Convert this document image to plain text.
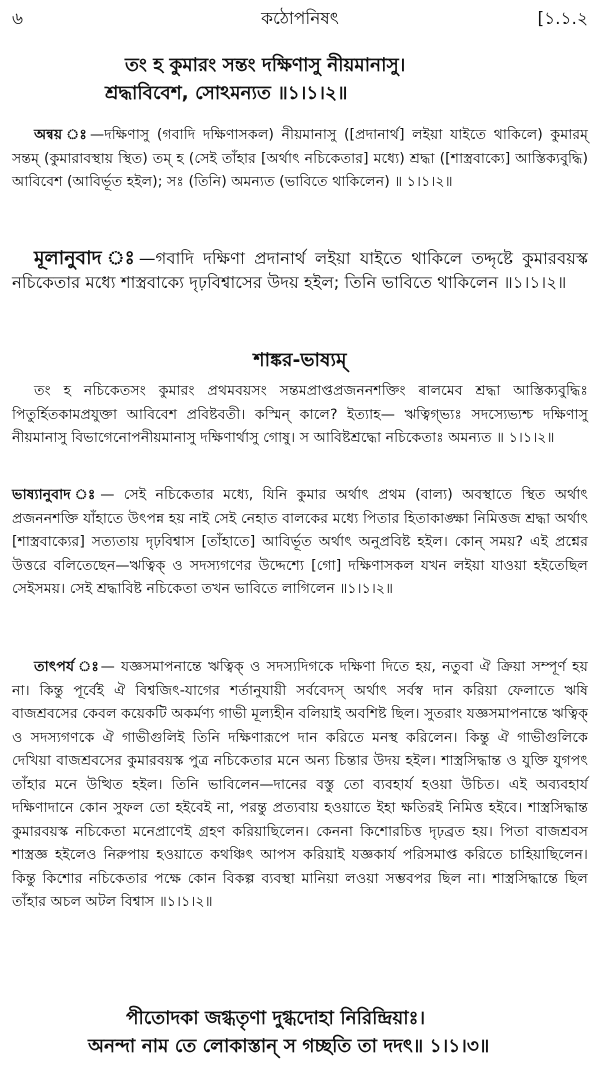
৬	কঠোপনিষৎ	[১.১.২
তং হ কুমারং সন্তং দক্ষিণাসু নীয়মানাসু।
শ্রদ্ধাবিবেশ, সোঽমন্যত ॥১।১।২॥
অন্বয় ঃ—দক্ষিণাসু (গবাদি দক্ষিণাসকল) নীয়মানাসু ([প্রদানার্থ] লইয়া যাইতে থাকিলে) কুমারম্ সন্তম্ (কুমারাবস্থায় স্থিত) তম্ হ (সেই তাঁহার [অর্থাৎ নচিকেতার] মধ্যে) শ্রদ্ধা ([শাস্ত্রবাক্যে] আস্তিক্যবুদ্ধি) আবিবেশ (আবির্ভূত হইল); সঃ (তিনি) অমন্যত (ভাবিতে থাকিলেন) ॥ ১।১।২॥
মূলানুবাদ ঃ—গবাদি দক্ষিণা প্রদানার্থ লইয়া যাইতে থাকিলে তদ্দৃষ্টে কুমারবয়স্ক নচিকেতার মধ্যে শাস্ত্রবাক্যে দৃঢ়বিশ্বাসের উদয় হইল; তিনি ভাবিতে থাকিলেন ॥১।১।২॥
শাঙ্কর-ভাষ্যম্
তং হ নচিকেতসং কুমারং প্রথমবয়সং সন্তমপ্রাপ্তপ্রজননশক্তিং ৰালমেব শ্রদ্ধা আস্তিক্যবুদ্ধিঃ পিতুর্হিতকামপ্রযুক্তা আবিবেশ প্রবিষ্টবতী। কস্মিন্ কালে? ইত্যাহ— ঋত্বিগ্‌ভ্যঃ সদস্যেভ্যশ্চ দক্ষিণাসু নীয়মানাসু বিভাগেনোপনীয়মানাসু দক্ষিণার্থাসু গোষু। স আবিষ্টশ্রদ্ধো নচিকেতাঃ অমন্যত ॥ ১।১।২॥
ভাষ্যানুবাদ ঃ— সেই নচিকেতার মধ্যে, যিনি কুমার অর্থাৎ প্রথম (বাল্য) অবস্থাতে স্থিত অর্থাৎ প্রজননশক্তি যাঁহাতে উৎপন্ন হয় নাই সেই নেহাত বালকের মধ্যে পিতার হিতাকাঙ্ক্ষা নিমিত্তজ শ্রদ্ধা অর্থাৎ [শাস্ত্রবাক্যের] সত্যতায় দৃঢ়বিশ্বাস [তাঁহাতে] আবির্ভূত অর্থাৎ অনুপ্রবিষ্ট হইল। কোন্ সময়? এই প্রশ্নের উত্তরে বলিতেছেন—ঋত্বিক্ ও সদস্যগণের উদ্দেশ্যে [গো] দক্ষিণাসকল যখন লইয়া যাওয়া হইতেছিল সেইসময়। সেই শ্রদ্ধাবিষ্ট নচিকেতা তখন ভাবিতে লাগিলেন ॥১।১।২॥
তাৎপর্য ঃ— যজ্ঞসমাপনান্তে ঋত্বিক্ ও সদস্যদিগকে দক্ষিণা দিতে হয়, নতুবা ঐ ক্রিয়া সম্পূর্ণ হয় না। কিন্তু পূর্বেই ঐ বিশ্বজিৎ-যাগের শর্তানুযায়ী সর্ববেদস্ অর্থাৎ সর্বস্ব দান করিয়া ফেলাতে ঋষি বাজশ্রবসের কেবল কয়েকটি অকর্মণ্য গাভী মূল্যহীন বলিয়াই অবশিষ্ট ছিল। সুতরাং যজ্ঞসমাপনান্তে ঋত্বিক্ ও সদস্যগণকে ঐ গাভীগুলিই তিনি দক্ষিণারূপে দান করিতে মনস্থ করিলেন। কিন্তু ঐ গাভীগুলিকে দেখিয়া বাজশ্রবসের কুমারবয়স্ক পুত্র নচিকেতার মনে অন্য চিন্তার উদয় হইল। শাস্ত্রসিদ্ধান্ত ও যুক্তি যুগপৎ তাঁহার মনে উত্থিত হইল। তিনি ভাবিলেন—দানের বস্তু তো ব্যবহার্য হওয়া উচিত। এই অব্যবহার্য দক্ষিণাদানে কোন সুফল তো হইবেই না, পরন্তু প্রত্যবায় হওয়াতে ইহা ক্ষতিরই নিমিত্ত হইবে। শাস্ত্রসিদ্ধান্ত কুমারবয়স্ক নচিকেতা মনেপ্রাণেই গ্রহণ করিয়াছিলেন। কেননা কিশোরচিত্ত দৃঢ়ব্রত হয়। পিতা বাজশ্রবস শাস্ত্রজ্ঞ হইলেও নিরুপায় হওয়াতে কথঞ্চিৎ আপস করিয়াই যজ্ঞকার্য পরিসমাপ্ত করিতে চাহিয়াছিলেন। কিন্তু কিশোর নচিকেতার পক্ষে কোন বিকল্প ব্যবস্থা মানিয়া লওয়া সম্ভবপর ছিল না। শাস্ত্রসিদ্ধান্তে ছিল তাঁহার অচল অটল বিশ্বাস ॥১।১।২॥
পীতোদকা জগ্ধতৃণা দুগ্ধদোহা নিরিন্দ্রিয়াঃ।
অনন্দা নাম তে লোকাস্তান্ স গচ্ছতি তা দদৎ॥ ১।১।৩॥
